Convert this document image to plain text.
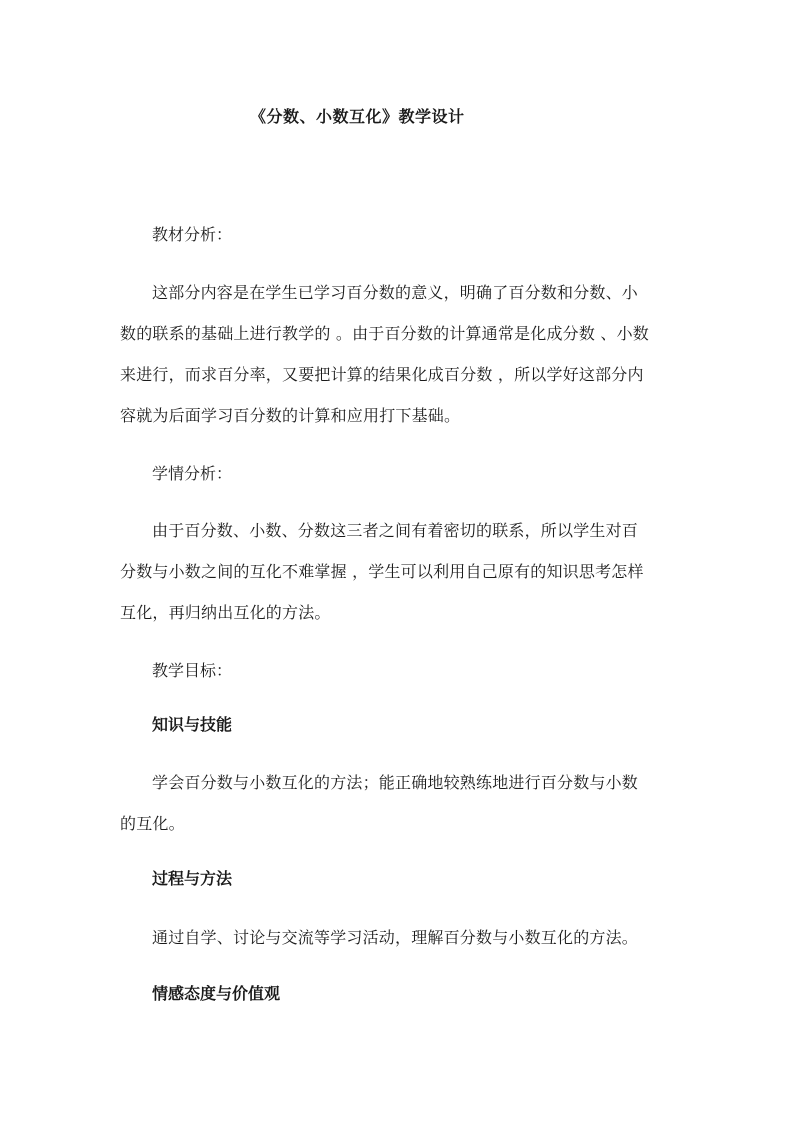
《分数、小数互化》教学设计
教材分析：
这部分内容是在学生已学习百分数的意义，明确了百分数和分数、小
数的联系的基础上进行教学的 。由于百分数的计算通常是化成分数 、小数
来进行，而求百分率，又要把计算的结果化成百分数 ，所以学好这部分内
容就为后面学习百分数的计算和应用打下基础。
学情分析：
由于百分数、小数、分数这三者之间有着密切的联系，所以学生对百
分数与小数之间的互化不难掌握 ，学生可以利用自己原有的知识思考怎样
互化，再归纳出互化的方法。
教学目标：
知识与技能
学会百分数与小数互化的方法；能正确地较熟练地进行百分数与小数
的互化。
过程与方法
通过自学、讨论与交流等学习活动，理解百分数与小数互化的方法。
情感态度与价值观
